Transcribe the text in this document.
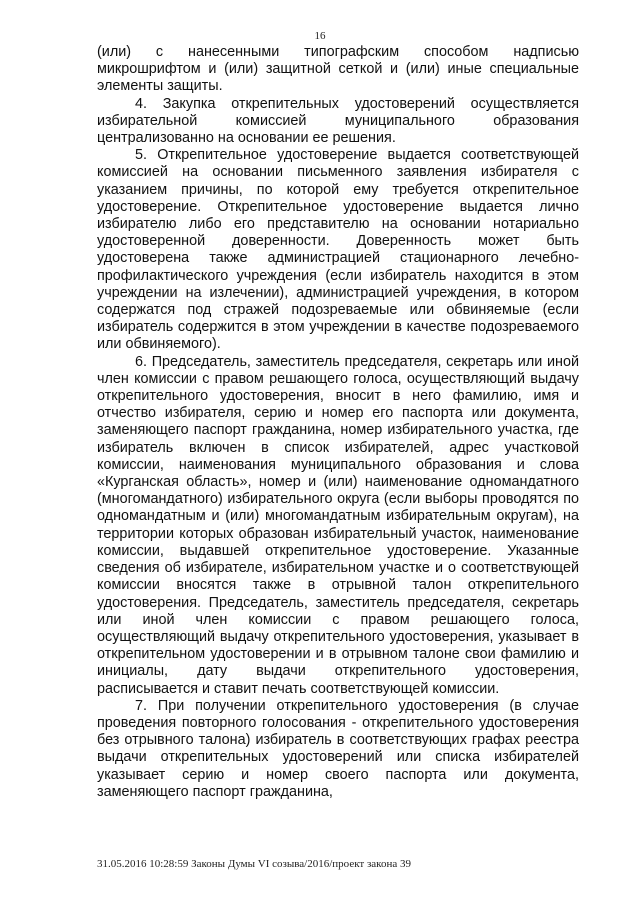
16

(или) с нанесенными типографским способом надписью микрошрифтом и (или) защитной сеткой и (или) иные специальные элементы защиты.

4. Закупка открепительных удостоверений осуществляется избирательной комиссией муниципального образования централизованно на основании ее решения.

5. Открепительное удостоверение выдается соответствующей комиссией на основании письменного заявления избирателя с указанием причины, по которой ему требуется открепительное удостоверение. Открепительное удостоверение выдается лично избирателю либо его представителю на основании нотариально удостоверенной доверенности. Доверенность может быть удостоверена также администрацией стационарного лечебно-профилактического учреждения (если избиратель находится в этом учреждении на излечении), администрацией учреждения, в котором содержатся под стражей подозреваемые или обвиняемые (если избиратель содержится в этом учреждении в качестве подозреваемого или обвиняемого).

6. Председатель, заместитель председателя, секретарь или иной член комиссии с правом решающего голоса, осуществляющий выдачу открепительного удостоверения, вносит в него фамилию, имя и отчество избирателя, серию и номер его паспорта или документа, заменяющего паспорт гражданина, номер избирательного участка, где избиратель включен в список избирателей, адрес участковой комиссии, наименования муниципального образования и слова «Курганская область», номер и (или) наименование одномандатного (многомандатного) избирательного округа (если выборы проводятся по одномандатным и (или) многомандатным избирательным округам), на территории которых образован избирательный участок, наименование комиссии, выдавшей открепительное удостоверение. Указанные сведения об избирателе, избирательном участке и о соответствующей комиссии вносятся также в отрывной талон открепительного удостоверения. Председатель, заместитель председателя, секретарь или иной член комиссии с правом решающего голоса, осуществляющий выдачу открепительного удостоверения, указывает в открепительном удостоверении и в отрывном талоне свои фамилию и инициалы, дату выдачи открепительного удостоверения, расписывается и ставит печать соответствующей комиссии.

7. При получении открепительного удостоверения (в случае проведения повторного голосования - открепительного удостоверения без отрывного талона) избиратель в соответствующих графах реестра выдачи открепительных удостоверений или списка избирателей указывает серию и номер своего паспорта или документа, заменяющего паспорт гражданина,

31.05.2016 10:28:59 Законы Думы VI созыва/2016/проект закона 39
